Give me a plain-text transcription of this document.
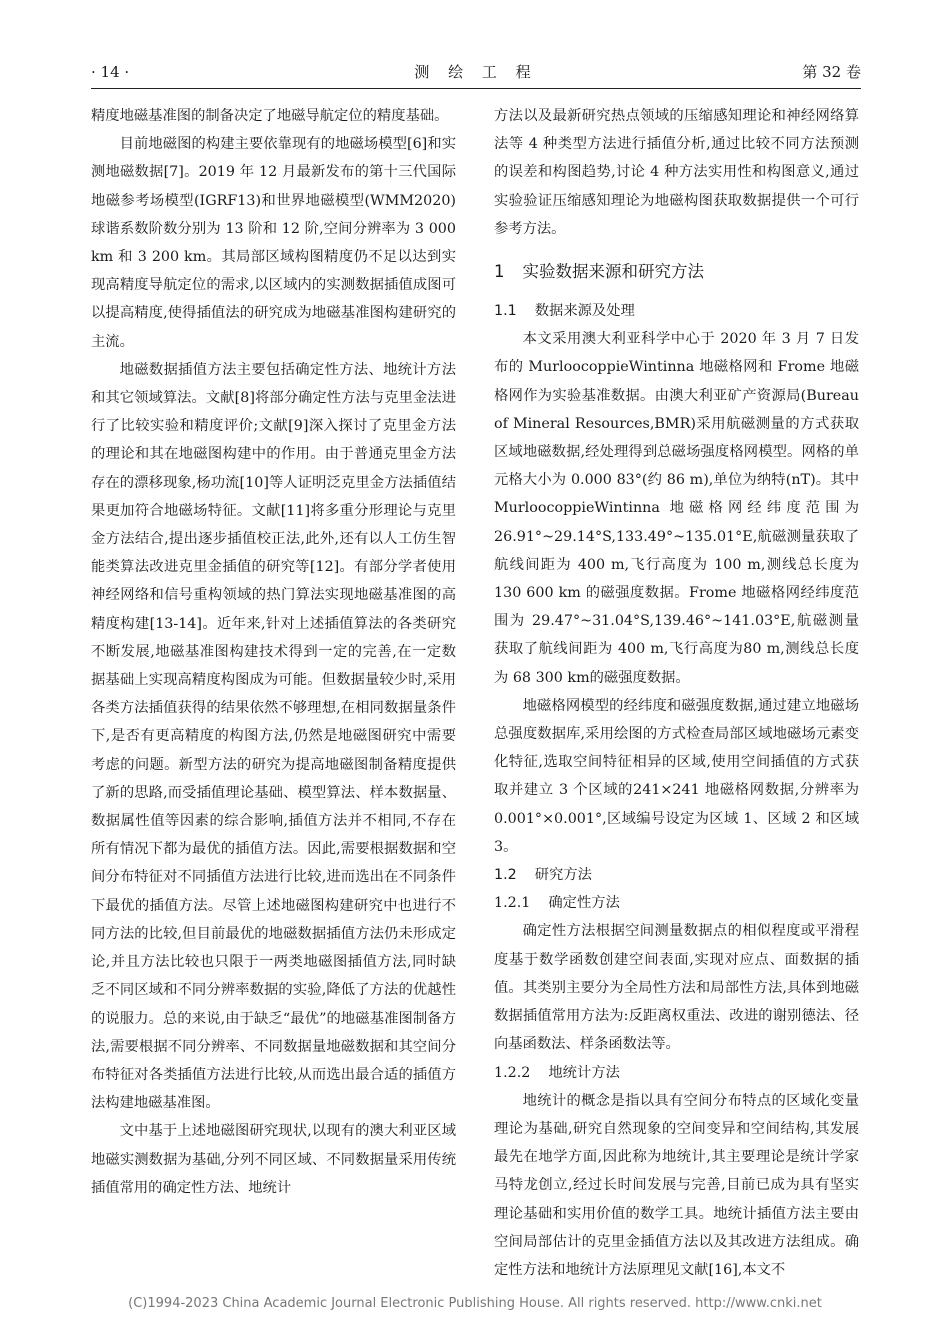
· 14 ·	测 绘 工 程	第 32 卷

精度地磁基准图的制备决定了地磁导航定位的精度基础。

目前地磁图的构建主要依靠现有的地磁场模型[6]和实测地磁数据[7]。2019 年 12 月最新发布的第十三代国际地磁参考场模型(IGRF13)和世界地磁模型(WMM2020)球谐系数阶数分别为 13 阶和 12 阶,空间分辨率为 3 000 km 和 3 200 km。其局部区域构图精度仍不足以达到实现高精度导航定位的需求,以区域内的实测数据插值成图可以提高精度,使得插值法的研究成为地磁基准图构建研究的主流。

地磁数据插值方法主要包括确定性方法、地统计方法和其它领域算法。文献[8]将部分确定性方法与克里金法进行了比较实验和精度评价;文献[9]深入探讨了克里金方法的理论和其在地磁图构建中的作用。由于普通克里金方法存在的漂移现象,杨功流[10]等人证明泛克里金方法插值结果更加符合地磁场特征。文献[11]将多重分形理论与克里金方法结合,提出逐步插值校正法,此外,还有以人工仿生智能类算法改进克里金插值的研究等[12]。有部分学者使用神经网络和信号重构领域的热门算法实现地磁基准图的高精度构建[13-14]。近年来,针对上述插值算法的各类研究不断发展,地磁基准图构建技术得到一定的完善,在一定数据基础上实现高精度构图成为可能。但数据量较少时,采用各类方法插值获得的结果依然不够理想,在相同数据量条件下,是否有更高精度的构图方法,仍然是地磁图研究中需要考虑的问题。新型方法的研究为提高地磁图制备精度提供了新的思路,而受插值理论基础、模型算法、样本数据量、数据属性值等因素的综合影响,插值方法并不相同,不存在所有情况下都为最优的插值方法。因此,需要根据数据和空间分布特征对不同插值方法进行比较,进而选出在不同条件下最优的插值方法。尽管上述地磁图构建研究中也进行不同方法的比较,但目前最优的地磁数据插值方法仍未形成定论,并且方法比较也只限于一两类地磁图插值方法,同时缺乏不同区域和不同分辨率数据的实验,降低了方法的优越性的说服力。总的来说,由于缺乏“最优”的地磁基准图制备方法,需要根据不同分辨率、不同数据量地磁数据和其空间分布特征对各类插值方法进行比较,从而选出最合适的插值方法构建地磁基准图。

文中基于上述地磁图研究现状,以现有的澳大利亚区域地磁实测数据为基础,分列不同区域、不同数据量采用传统插值常用的确定性方法、地统计

方法以及最新研究热点领域的压缩感知理论和神经网络算法等 4 种类型方法进行插值分析,通过比较不同方法预测的误差和构图趋势,讨论 4 种方法实用性和构图意义,通过实验验证压缩感知理论为地磁构图获取数据提供一个可行参考方法。

1 实验数据来源和研究方法
1.1 数据来源及处理

本文采用澳大利亚科学中心于 2020 年 3 月 7 日发布的 MurloocoppieWintinna 地磁格网和 Frome 地磁格网作为实验基准数据。由澳大利亚矿产资源局(Bureau of Mineral Resources,BMR)采用航磁测量的方式获取区域地磁数据,经处理得到总磁场强度格网模型。网格的单元格大小为 0.000 83°(约 86 m),单位为纳特(nT)。其中 MurloocoppieWintinna 地磁格网经纬度范围为 26.91°~29.14°S,133.49°~135.01°E,航磁测量获取了航线间距为 400 m,飞行高度为 100 m,测线总长度为 130 600 km 的磁强度数据。Frome 地磁格网经纬度范围为 29.47°~31.04°S,139.46°~141.03°E,航磁测量获取了航线间距为 400 m,飞行高度为80 m,测线总长度为 68 300 km的磁强度数据。

地磁格网模型的经纬度和磁强度数据,通过建立地磁场总强度数据库,采用绘图的方式检查局部区域地磁场元素变化特征,选取空间特征相异的区域,使用空间插值的方式获取并建立 3 个区域的241×241 地磁格网数据,分辨率为 0.001°×0.001°,区域编号设定为区域 1、区域 2 和区域 3。

1.2 研究方法
1.2.1 确定性方法

确定性方法根据空间测量数据点的相似程度或平滑程度基于数学函数创建空间表面,实现对应点、面数据的插值。其类别主要分为全局性方法和局部性方法,具体到地磁数据插值常用方法为:反距离权重法、改进的谢别德法、径向基函数法、样条函数法等。

1.2.2 地统计方法

地统计的概念是指以具有空间分布特点的区域化变量理论为基础,研究自然现象的空间变异和空间结构,其发展最先在地学方面,因此称为地统计,其主要理论是统计学家马特龙创立,经过长时间发展与完善,目前已成为具有坚实理论基础和实用价值的数学工具。地统计插值方法主要由空间局部估计的克里金插值方法以及其改进方法组成。确定性方法和地统计方法原理见文献[16],本文不

(C)1994-2023 China Academic Journal Electronic Publishing House. All rights reserved. http://www.cnki.net
